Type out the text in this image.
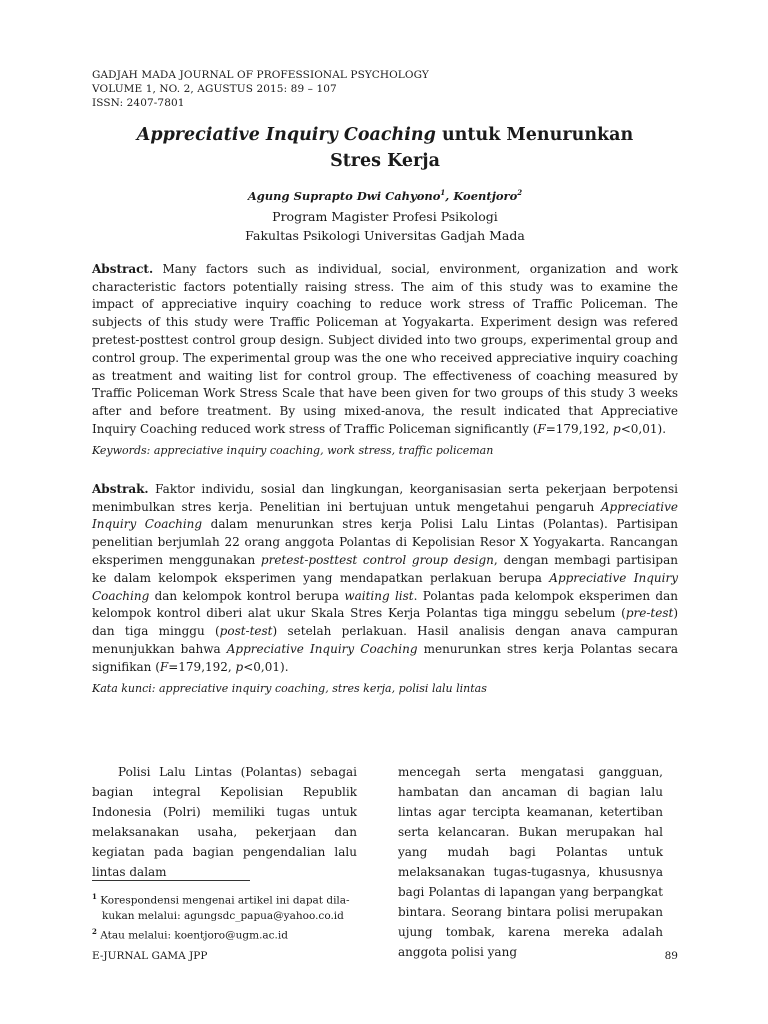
GADJAH MADA JOURNAL OF PROFESSIONAL PSYCHOLOGY
VOLUME 1, NO. 2, AGUSTUS 2015: 89 – 107
ISSN: 2407-7801
Appreciative Inquiry Coaching untuk Menurunkan
Stres Kerja
Agung Suprapto Dwi Cahyono$^1$, Koentjoro$^2$
Program Magister Profesi Psikologi
Fakultas Psikologi Universitas Gadjah Mada
Abstract. Many factors such as individual, social, environment, organization and work characteristic factors potentially raising stress. The aim of this study was to examine the impact of appreciative inquiry coaching to reduce work stress of Traffic Policeman. The subjects of this study were Traffic Policeman at Yogyakarta. Experiment design was refered pretest-posttest control group design. Subject divided into two groups, experimental group and control group. The experimental group was the one who received appreciative inquiry coaching as treatment and waiting list for control group. The effectiveness of coaching measured by Traffic Policeman Work Stress Scale that have been given for two groups of this study 3 weeks after and before treatment. By using mixed-anova, the result indicated that Appreciative Inquiry Coaching reduced work stress of Traffic Policeman significantly (F=179,192, p<0,01).
Keywords: appreciative inquiry coaching, work stress, traffic policeman
Abstrak. Faktor individu, sosial dan lingkungan, keorganisasian serta pekerjaan berpotensi menimbulkan stres kerja. Penelitian ini bertujuan untuk mengetahui pengaruh Appreciative Inquiry Coaching dalam menurunkan stres kerja Polisi Lalu Lintas (Polantas). Partisipan penelitian berjumlah 22 orang anggota Polantas di Kepolisian Resor X Yogyakarta. Rancangan eksperimen menggunakan pretest-posttest control group design, dengan membagi partisipan ke dalam kelompok eksperimen yang mendapatkan perlakuan berupa Appreciative Inquiry Coaching dan kelompok kontrol berupa waiting list. Polantas pada kelompok eksperimen dan kelompok kontrol diberi alat ukur Skala Stres Kerja Polantas tiga minggu sebelum (pre-test) dan tiga minggu (post-test) setelah perlakuan. Hasil analisis dengan anava campuran menunjukkan bahwa Appreciative Inquiry Coaching menurunkan stres kerja Polantas secara signifikan (F=179,192, p<0,01).
Kata kunci: appreciative inquiry coaching, stres kerja, polisi lalu lintas

Polisi Lalu Lintas (Polantas) sebagai bagian integral Kepolisian Republik Indonesia (Polri) memiliki tugas untuk melaksanakan usaha, pekerjaan dan kegiatan pada bagian pengendalian lalu lintas dalam

mencegah serta mengatasi gangguan, hambatan dan ancaman di bagian lalu lintas agar tercipta keamanan, ketertiban serta kelancaran. Bukan merupakan hal yang mudah bagi Polantas untuk melaksanakan tugas-tugasnya, khususnya bagi Polantas di lapangan yang berpangkat bintara. Seorang bintara polisi merupakan ujung tombak, karena mereka adalah anggota polisi yang

$^1$ Korespondensi mengenai artikel ini dapat dila-
kukan melalui: agungsdc_papua@yahoo.co.id
$^2$ Atau melalui: koentjoro@ugm.ac.id
E-JURNAL GAMA JPP	89
